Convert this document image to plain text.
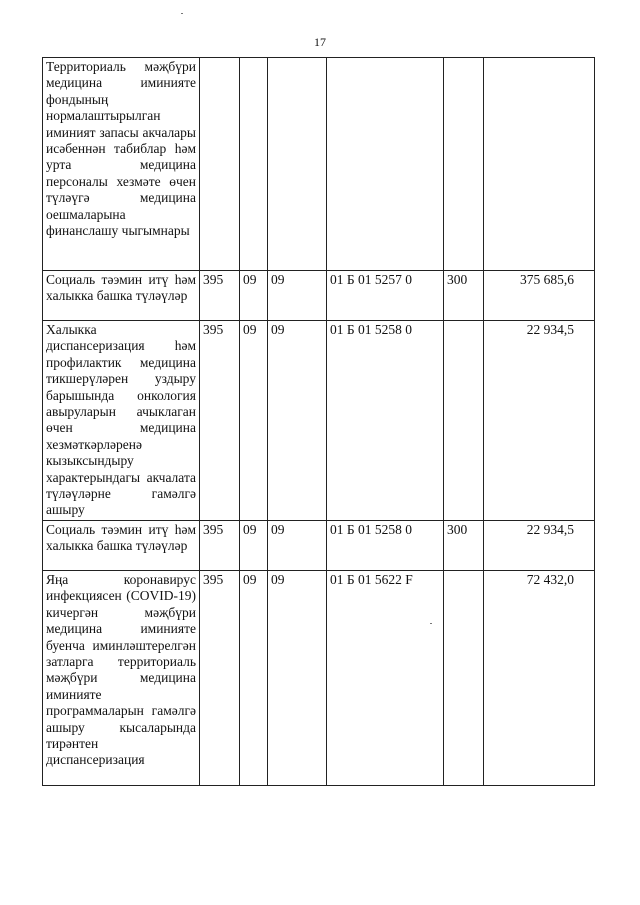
17
Территориаль мәҗбүри медицина иминияте фондының нормалаштырылган иминият запасы акчалары исәбеннән табиблар һәм урта медицина персоналы хезмәте өчен түләүгә медицина оешмаларына финанслашу чыгымнары						
Социаль тәэмин итү һәм халыкка башка түләүләр	395	09	09	01 Б 01 5257 0	300	375 685,6
Халыкка диспансеризация һәм профилактик медицина тикшерүләрен уздыру барышында онкология авыруларын ачыклаган өчен медицина хезмәткәрләренә кызыксындыру характерындагы акчалата түләүләрне гамәлгә ашыру	395	09	09	01 Б 01 5258 0		22 934,5
Социаль тәэмин итү һәм халыкка башка түләүләр	395	09	09	01 Б 01 5258 0	300	22 934,5
Яңа коронавирус инфекциясен (COVID-19) кичергән мәҗбүри медицина иминияте буенча иминләштерелгән затларга территориаль мәҗбүри медицина иминияте программаларын гамәлгә ашыру кысаларында тирәнтен диспансеризация	395	09	09	01 Б 01 5622 F		72 432,0
